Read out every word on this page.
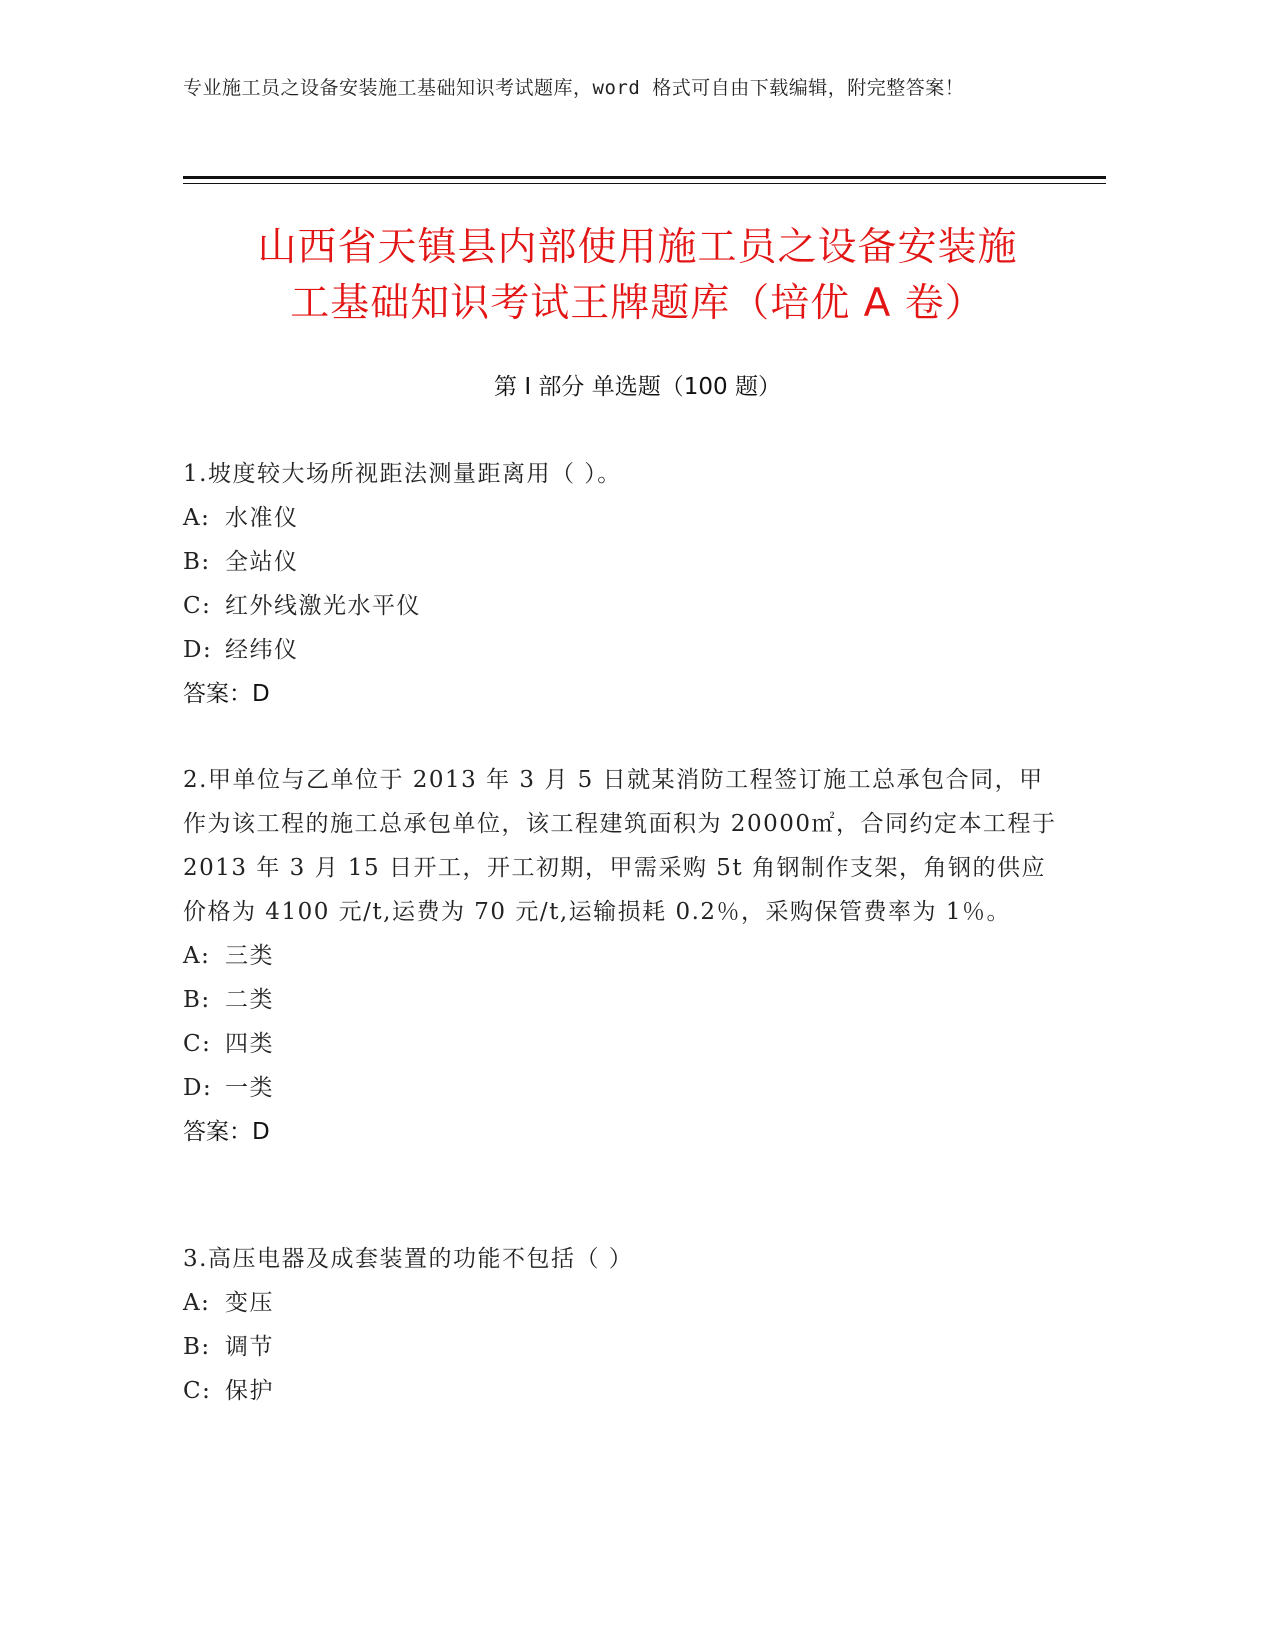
专业施工员之设备安装施工基础知识考试题库，word 格式可自由下载编辑，附完整答案！
山西省天镇县内部使用施工员之设备安装施
工基础知识考试王牌题库（培优 A 卷）
第 I 部分 单选题（100 题）

1.坡度较大场所视距法测量距离用（ ）。

A: 水准仪
B: 全站仪
C: 红外线激光水平仪
D: 经纬仪
答案：D

2.甲单位与乙单位于 2013 年 3 月 5 日就某消防工程签订施工总承包合同，甲作为该工程的施工总承包单位，该工程建筑面积为 20000㎡，合同约定本工程于 2013 年 3 月 15 日开工，开工初期，甲需采购 5t 角钢制作支架，角钢的供应价格为 4100 元/t,运费为 70 元/t,运输损耗 0.2％，采购保管费率为 1％。

A: 三类
B: 二类
C: 四类
D: 一类
答案：D

3.高压电器及成套装置的功能不包括（ ）

A: 变压
B: 调节
C: 保护
